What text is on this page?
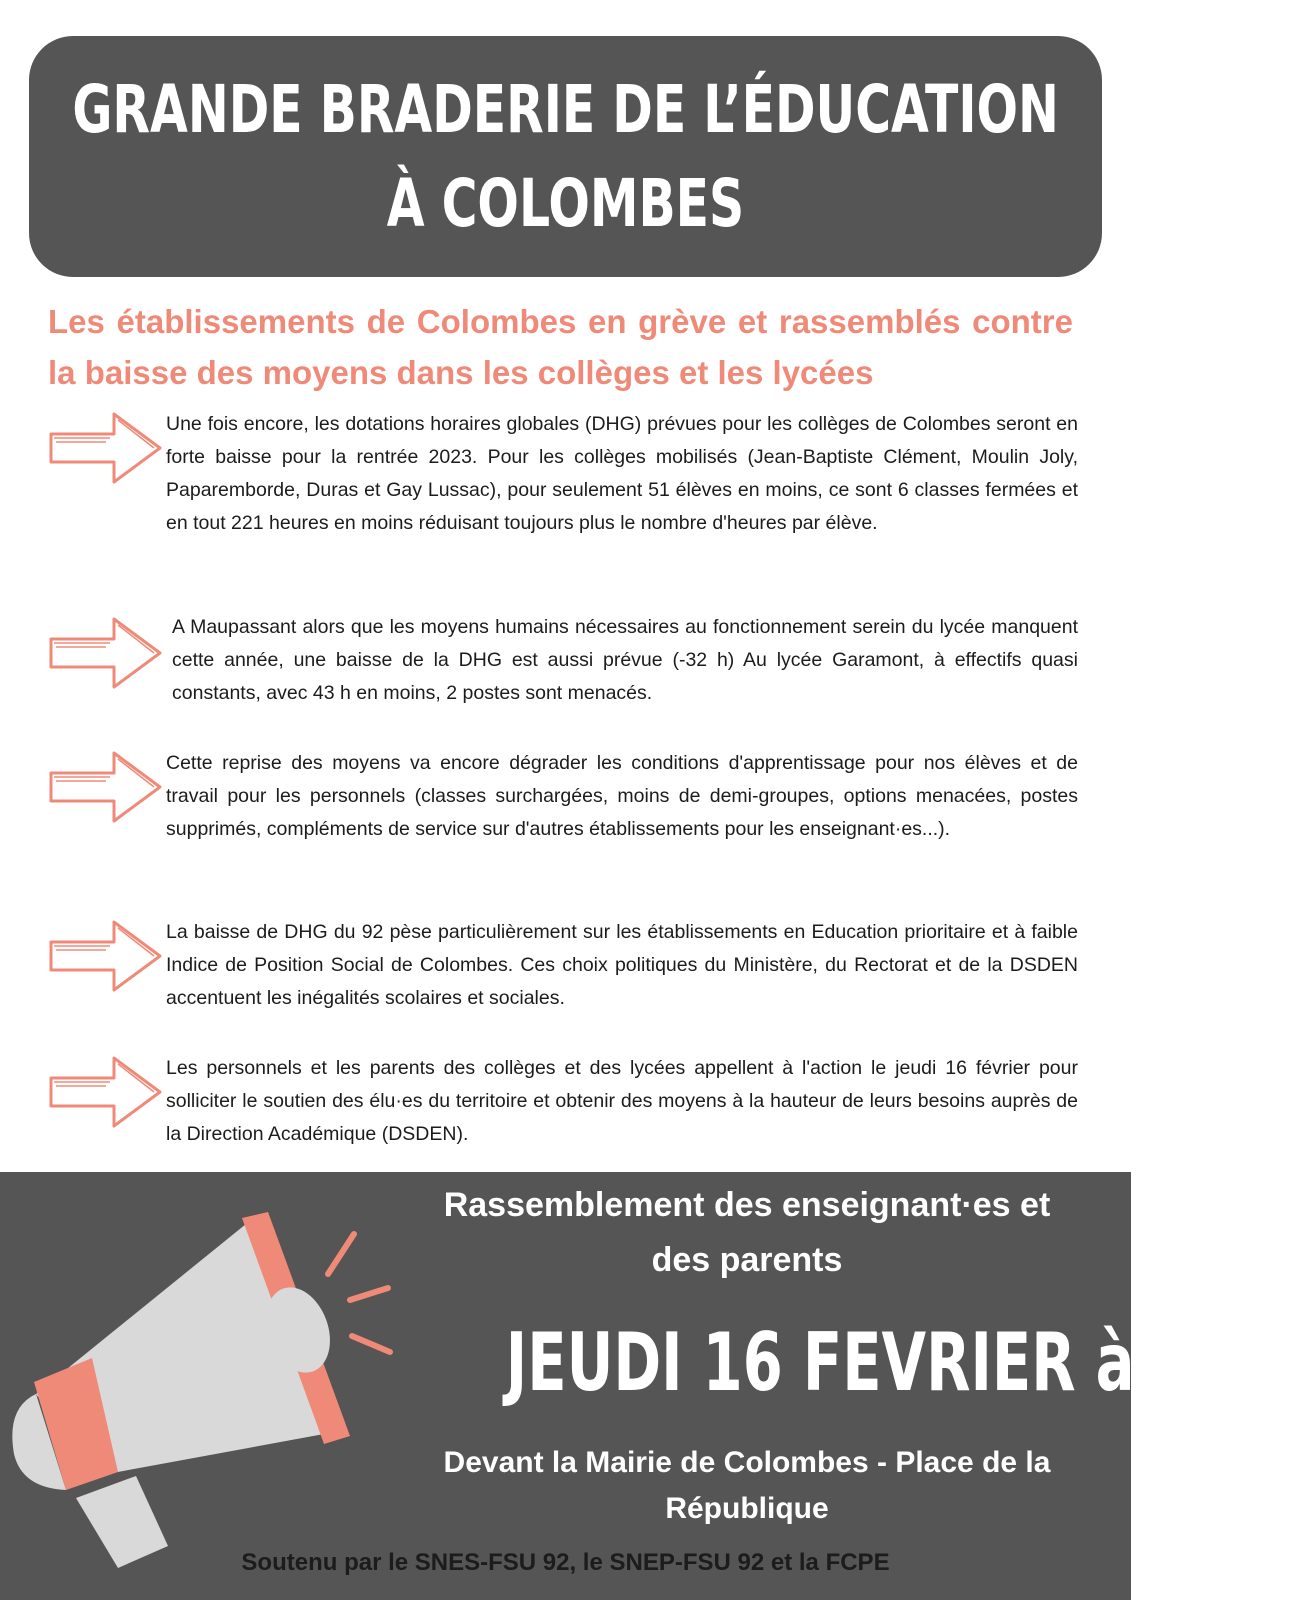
GRANDE BRADERIE DE L’ÉDUCATION
À COLOMBES
Les établissements de Colombes en grève et rassemblés contre la baisse des moyens dans les collèges et les lycées
Une fois encore, les dotations horaires globales (DHG) prévues pour les collèges de Colombes seront en forte baisse pour la rentrée 2023. Pour les collèges mobilisés (Jean-Baptiste Clément, Moulin Joly, Paparemborde, Duras et Gay Lussac), pour seulement 51 élèves en moins, ce sont 6 classes fermées et en tout 221 heures en moins réduisant toujours plus le nombre d'heures par élève.
A Maupassant alors que les moyens humains nécessaires au fonctionnement serein du lycée manquent cette année, une baisse de la DHG est aussi prévue (-32 h) Au lycée Garamont, à effectifs quasi constants, avec 43 h en moins, 2 postes sont menacés.
Cette reprise des moyens va encore dégrader les conditions d'apprentissage pour nos élèves et de travail pour les personnels (classes surchargées, moins de demi-groupes, options menacées, postes supprimés, compléments de service sur d'autres établissements pour les enseignant·es...).
La baisse de DHG du 92 pèse particulièrement sur les établissements en Education prioritaire et à faible Indice de Position Social de Colombes. Ces choix politiques du Ministère, du Rectorat et de la DSDEN accentuent les inégalités scolaires et sociales.
Les personnels et les parents des collèges et des lycées appellent à l'action le jeudi 16 février pour solliciter le soutien des élu·es du territoire et obtenir des moyens à la hauteur de leurs besoins auprès de la Direction Académique (DSDEN).
Rassemblement des enseignant·es et des parents
JEUDI 16 FEVRIER à 9h30
Devant la Mairie de Colombes - Place de la République
Soutenu par le SNES-FSU 92, le SNEP-FSU 92 et la FCPE
